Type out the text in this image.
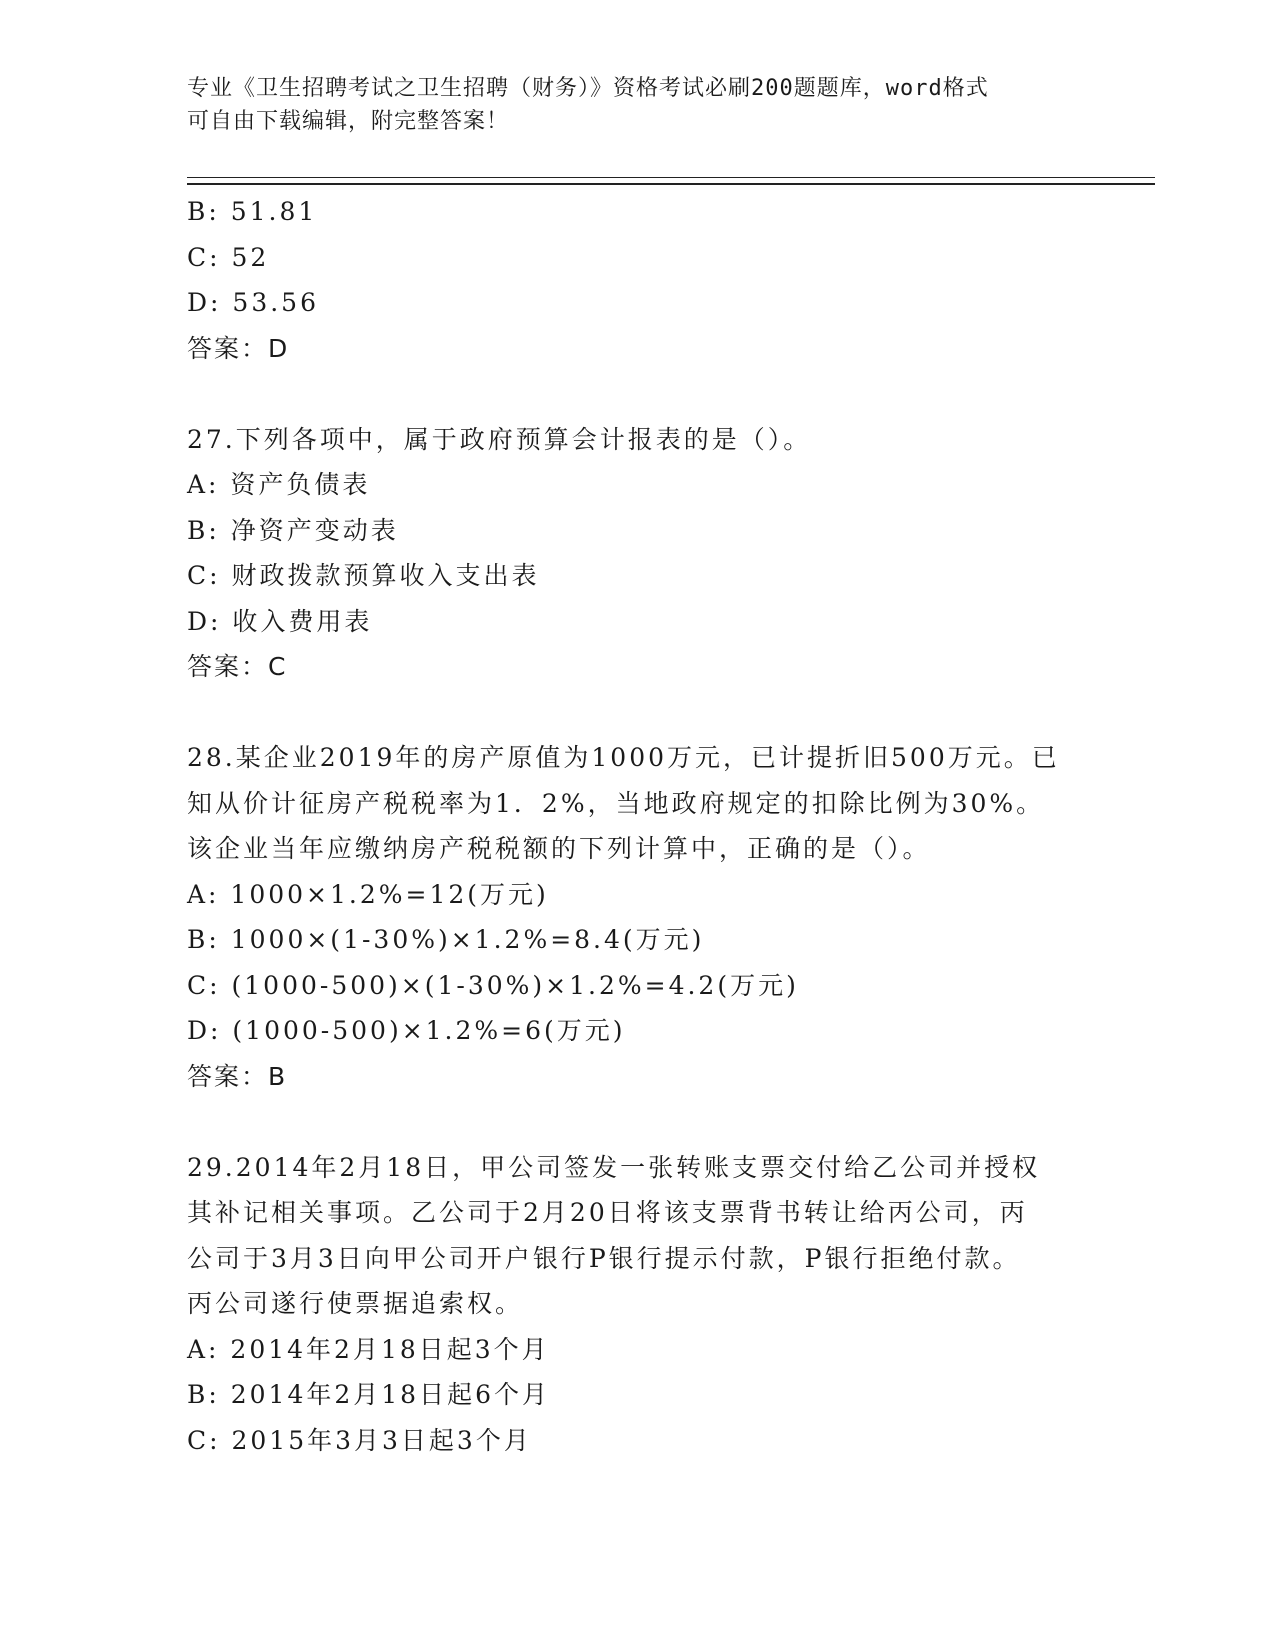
专业《卫生招聘考试之卫生招聘（财务）》资格考试必刷200题题库，word格式
可自由下载编辑，附完整答案！
B: 51.81
C: 52
D: 53.56
答案：D
27.下列各项中，属于政府预算会计报表的是（）。
A: 资产负债表
B: 净资产变动表
C: 财政拨款预算收入支出表
D: 收入费用表
答案：C
28.某企业2019年的房产原值为1000万元，已计提折旧500万元。已
知从价计征房产税税率为1．2%，当地政府规定的扣除比例为30%。
该企业当年应缴纳房产税税额的下列计算中，正确的是（）。
A: 1000×1.2%=12(万元)
B: 1000×(1-30%)×1.2%=8.4(万元)
C: (1000-500)×(1-30%)×1.2%=4.2(万元)
D: (1000-500)×1.2%=6(万元)
答案：B
29.2014年2月18日，甲公司签发一张转账支票交付给乙公司并授权
其补记相关事项。乙公司于2月20日将该支票背书转让给丙公司，丙
公司于3月3日向甲公司开户银行P银行提示付款，P银行拒绝付款。
丙公司遂行使票据追索权。
A: 2014年2月18日起3个月
B: 2014年2月18日起6个月
C: 2015年3月3日起3个月
